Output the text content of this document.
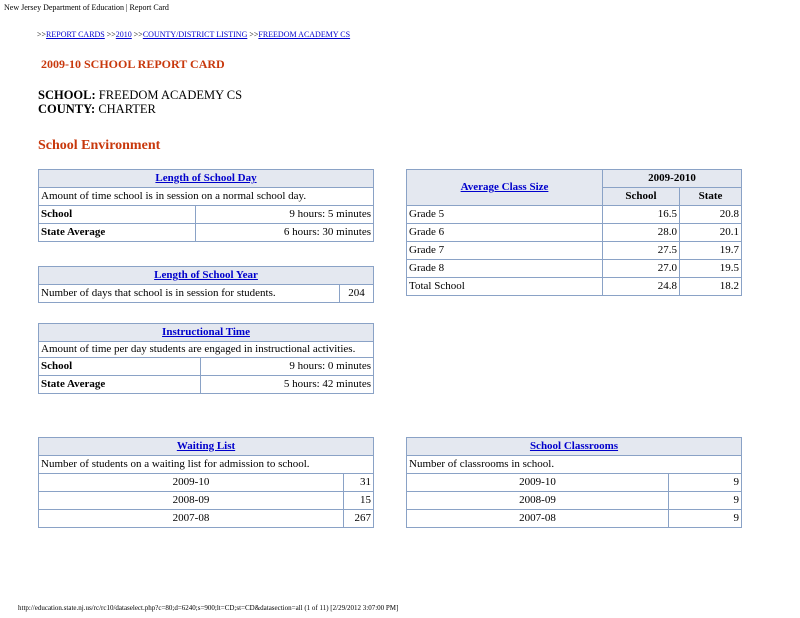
New Jersey Department of Education | Report Card
>>REPORT CARDS >>2010 >>COUNTY/DISTRICT LISTING >>FREEDOM ACADEMY CS
2009-10 SCHOOL REPORT CARD
SCHOOL: FREEDOM ACADEMY CS
COUNTY: CHARTER
School Environment
Length of School Day	
Amount of time school is in session on a normal school day.	
School	9 hours: 5 minutes
State Average	6 hours: 30 minutes
Length of School Year
Number of days that school is in session for students.	204
Instructional Time	
Amount of time per day students are engaged in instructional activities.	
School	9 hours: 0 minutes
State Average	5 hours: 42 minutes
Average Class Size	2009-2010	
	School	State
Grade 5	16.5	20.8
Grade 6	28.0	20.1
Grade 7	27.5	19.7
Grade 8	27.0	19.5
Total School	24.8	18.2
Waiting List	
Number of students on a waiting list for admission to school.	
2009-10	31
2008-09	15
2007-08	267
School Classrooms	
Number of classrooms in school.	
2009-10	9
2008-09	9
2007-08	9
http://education.state.nj.us/rc/rc10/dataselect.php?c=80;d=6240;s=900;lt=CD;st=CD&datasection=all (1 of 11) [2/29/2012 3:07:00 PM]
